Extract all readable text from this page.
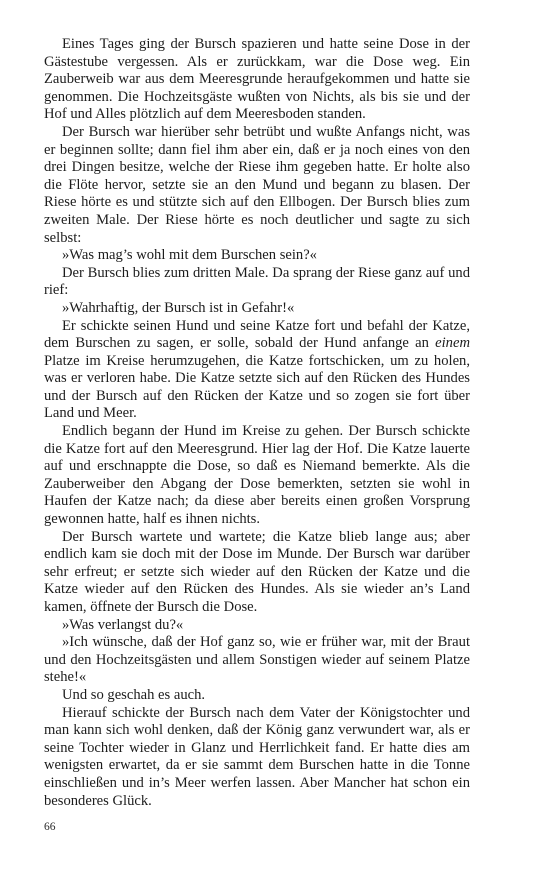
Eines Tages ging der Bursch spazieren und hatte seine Dose in der Gästestube vergessen. Als er zurückkam, war die Dose weg. Ein Zauberweib war aus dem Meeresgrunde heraufgekommen und hatte sie genommen. Die Hochzeitsgäste wußten von Nichts, als bis sie und der Hof und Alles plötzlich auf dem Meeresboden standen.

Der Bursch war hierüber sehr betrübt und wußte Anfangs nicht, was er beginnen sollte; dann fiel ihm aber ein, daß er ja noch eines von den drei Dingen besitze, welche der Riese ihm gegeben hatte. Er holte also die Flöte hervor, setzte sie an den Mund und begann zu blasen. Der Riese hörte es und stützte sich auf den Ellbogen. Der Bursch blies zum zweiten Male. Der Riese hörte es noch deutlicher und sagte zu sich selbst:

»Was mag’s wohl mit dem Burschen sein?«

Der Bursch blies zum dritten Male. Da sprang der Riese ganz auf und rief:

»Wahrhaftig, der Bursch ist in Gefahr!«

Er schickte seinen Hund und seine Katze fort und befahl der Katze, dem Burschen zu sagen, er solle, sobald der Hund anfange an einem Platze im Kreise herumzugehen, die Katze fortschicken, um zu holen, was er verloren habe. Die Katze setzte sich auf den Rücken des Hundes und der Bursch auf den Rücken der Katze und so zogen sie fort über Land und Meer.

Endlich begann der Hund im Kreise zu gehen. Der Bursch schickte die Katze fort auf den Meeresgrund. Hier lag der Hof. Die Katze lauerte auf und erschnappte die Dose, so daß es Niemand bemerkte. Als die Zauberweiber den Abgang der Dose bemerkten, setzten sie wohl in Haufen der Katze nach; da diese aber bereits einen großen Vorsprung gewonnen hatte, half es ihnen nichts.

Der Bursch wartete und wartete; die Katze blieb lange aus; aber endlich kam sie doch mit der Dose im Munde. Der Bursch war darüber sehr erfreut; er setzte sich wieder auf den Rücken der Katze und die Katze wieder auf den Rücken des Hundes. Als sie wieder an’s Land kamen, öffnete der Bursch die Dose.

»Was verlangst du?«

»Ich wünsche, daß der Hof ganz so, wie er früher war, mit der Braut und den Hochzeitsgästen und allem Sonstigen wieder auf seinem Platze stehe!«

Und so geschah es auch.

Hierauf schickte der Bursch nach dem Vater der Königstochter und man kann sich wohl denken, daß der König ganz verwundert war, als er seine Tochter wieder in Glanz und Herrlichkeit fand. Er hatte dies am wenigsten erwartet, da er sie sammt dem Burschen hatte in die Tonne einschließen und in’s Meer werfen lassen. Aber Mancher hat schon ein besonderes Glück.

66
